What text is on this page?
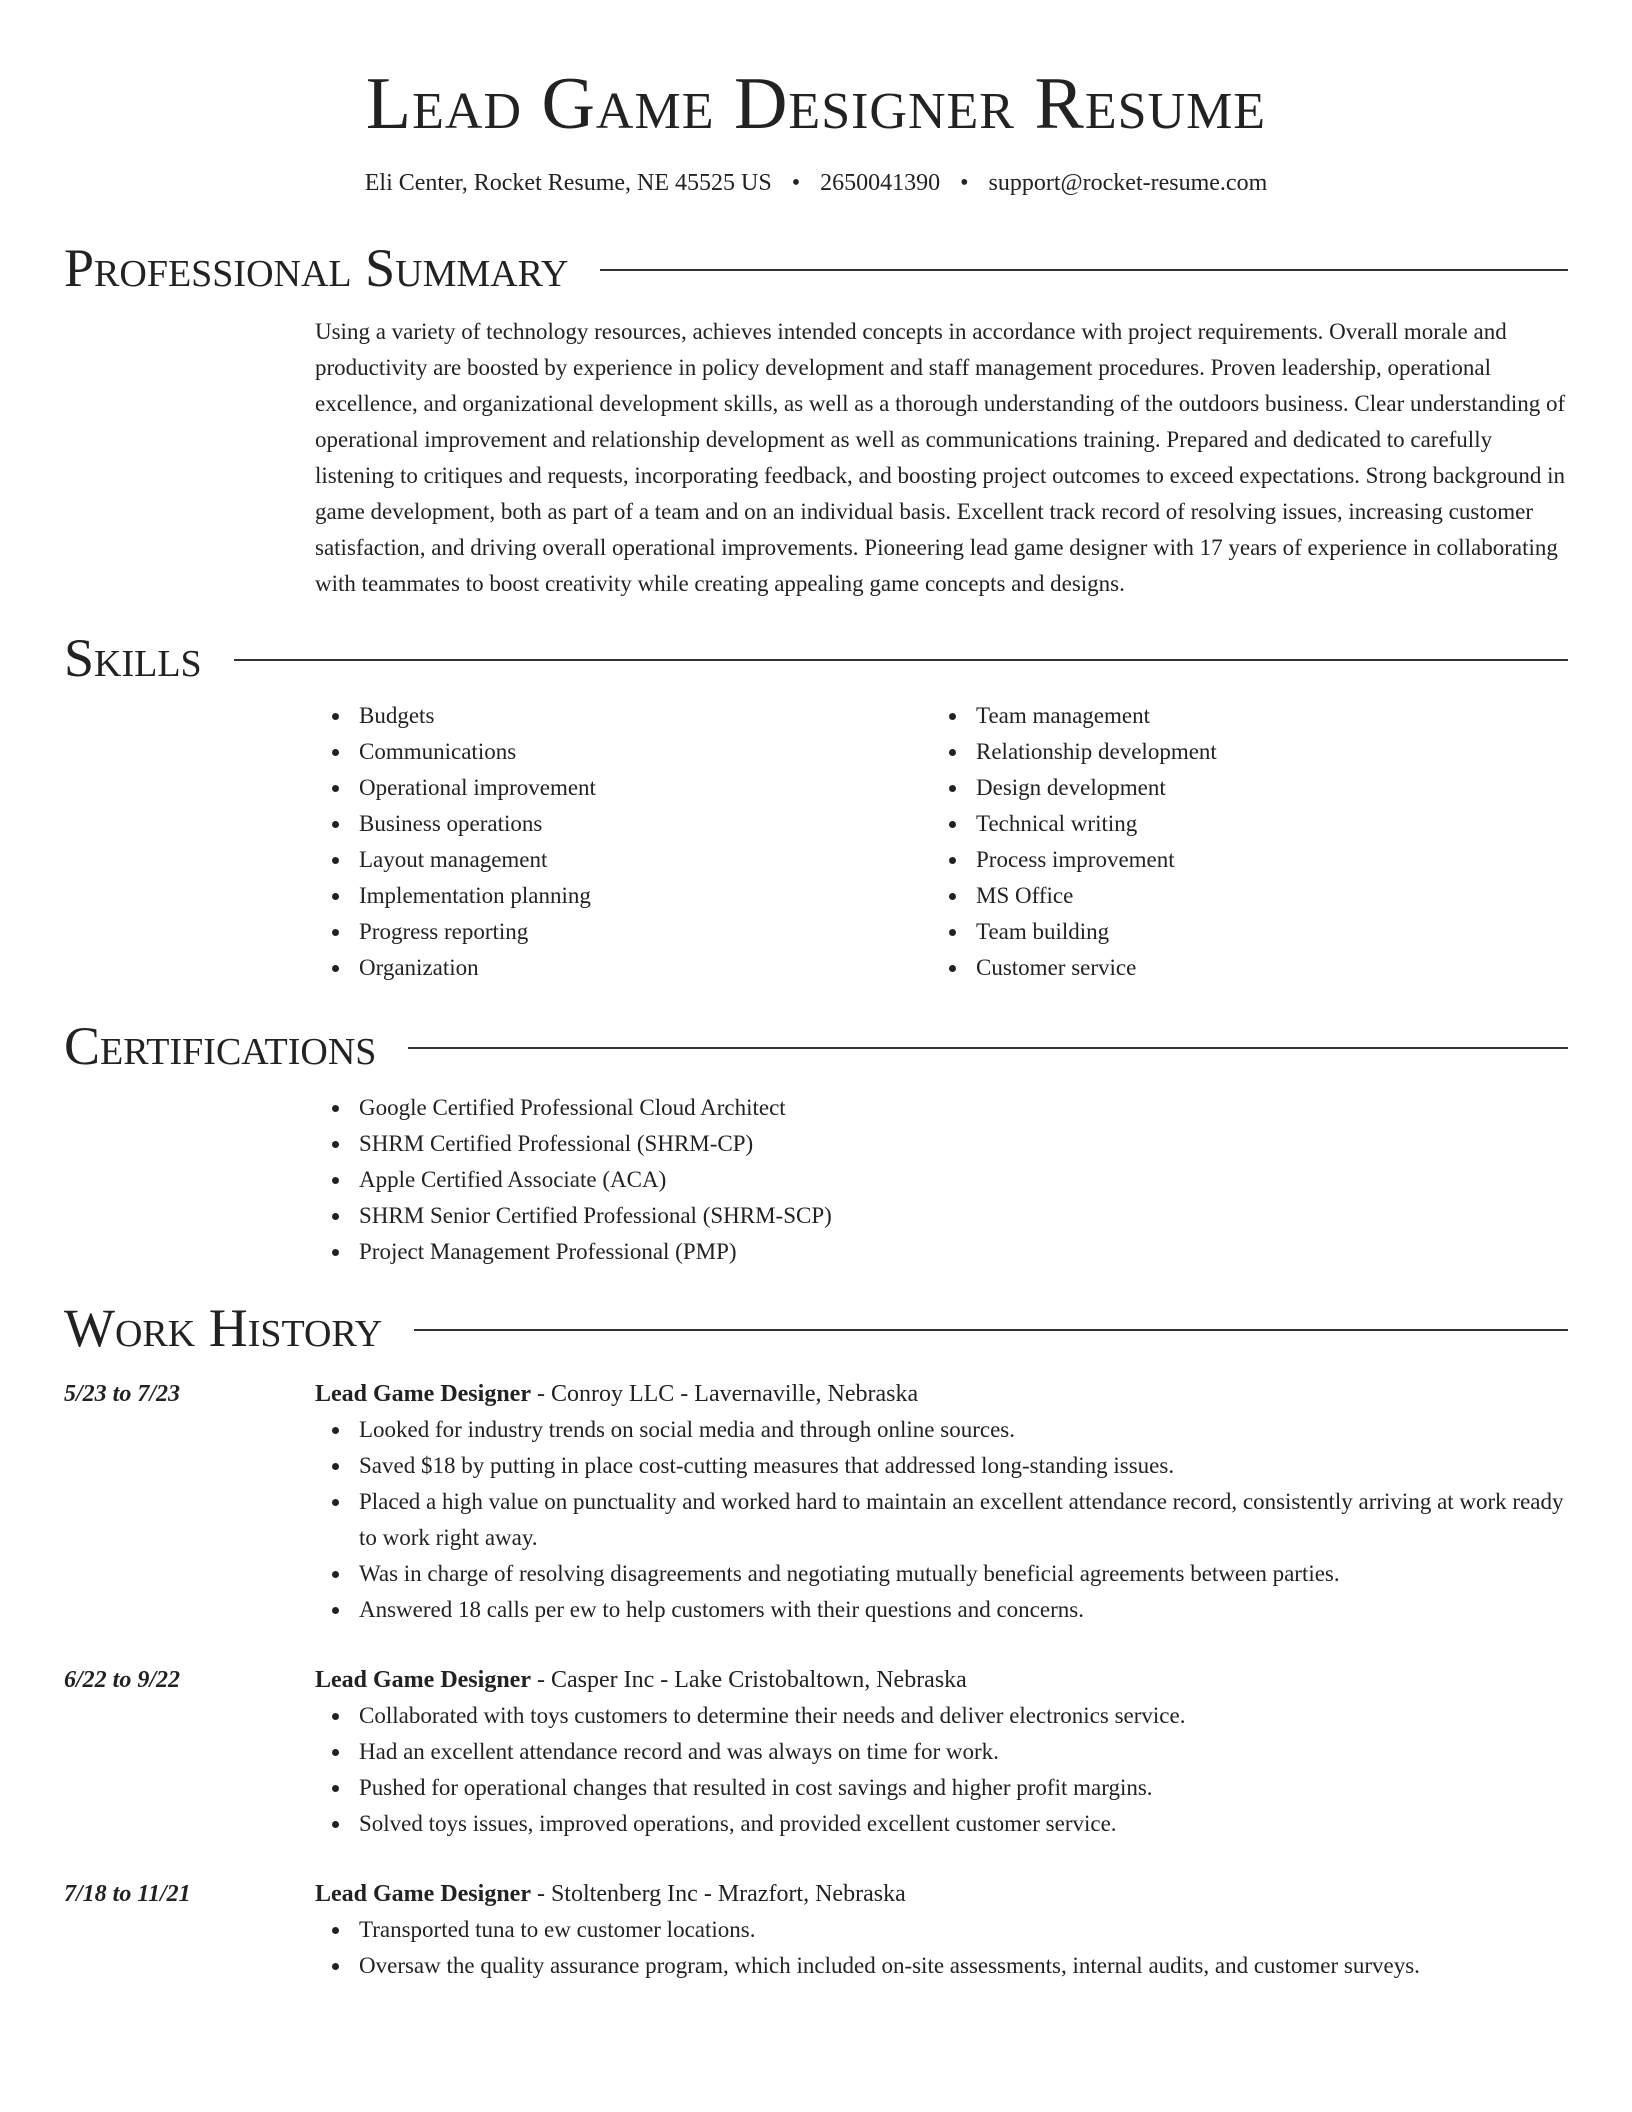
Lead Game Designer Resume
Eli Center, Rocket Resume, NE 45525 US • 2650041390 • support@rocket-resume.com
Professional Summary

Using a variety of technology resources, achieves intended concepts in accordance with project requirements. Overall morale and productivity are boosted by experience in policy development and staff management procedures. Proven leadership, operational excellence, and organizational development skills, as well as a thorough understanding of the outdoors business. Clear understanding of operational improvement and relationship development as well as communications training. Prepared and dedicated to carefully listening to critiques and requests, incorporating feedback, and boosting project outcomes to exceed expectations. Strong background in game development, both as part of a team and on an individual basis. Excellent track record of resolving issues, increasing customer satisfaction, and driving overall operational improvements. Pioneering lead game designer with 17 years of experience in collaborating with teammates to boost creativity while creating appealing game concepts and designs.

Skills
Budgets
Communications
Operational improvement
Business operations
Layout management
Implementation planning
Progress reporting
Organization
Team management
Relationship development
Design development
Technical writing
Process improvement
MS Office
Team building
Customer service
Certifications
Google Certified Professional Cloud Architect
SHRM Certified Professional (SHRM-CP)
Apple Certified Associate (ACA)
SHRM Senior Certified Professional (SHRM-SCP)
Project Management Professional (PMP)
Work History
5/23 to 7/23	Lead Game Designer - Conroy LLC - Lavernaville, Nebraska
Looked for industry trends on social media and through online sources.
Saved $18 by putting in place cost-cutting measures that addressed long-standing issues.
Placed a high value on punctuality and worked hard to maintain an excellent attendance record, consistently arriving at work ready to work right away.
Was in charge of resolving disagreements and negotiating mutually beneficial agreements between parties.
Answered 18 calls per ew to help customers with their questions and concerns.
6/22 to 9/22	Lead Game Designer - Casper Inc - Lake Cristobaltown, Nebraska
Collaborated with toys customers to determine their needs and deliver electronics service.
Had an excellent attendance record and was always on time for work.
Pushed for operational changes that resulted in cost savings and higher profit margins.
Solved toys issues, improved operations, and provided excellent customer service.
7/18 to 11/21	Lead Game Designer - Stoltenberg Inc - Mrazfort, Nebraska
Transported tuna to ew customer locations.
Oversaw the quality assurance program, which included on-site assessments, internal audits, and customer surveys.
